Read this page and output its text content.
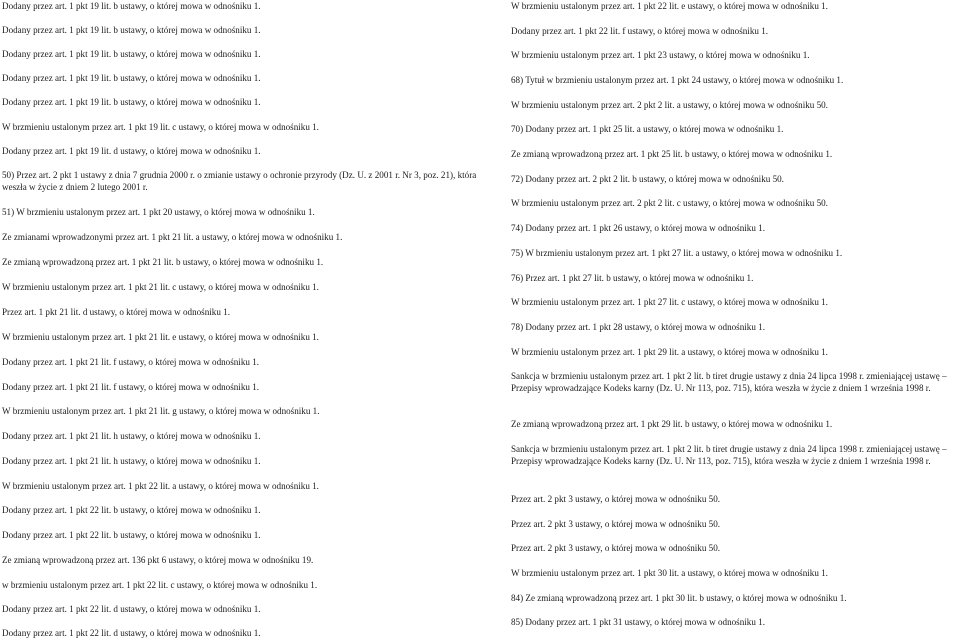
Dodany przez art. 1 pkt 19 lit. b ustawy, o której mowa w odnośniku 1.
Dodany przez art. 1 pkt 19 lit. b ustawy, o której mowa w odnośniku 1.
Dodany przez art. 1 pkt 19 lit. b ustawy, o której mowa w odnośniku 1.
Dodany przez art. 1 pkt 19 lit. b ustawy, o której mowa w odnośniku 1.
Dodany przez art. 1 pkt 19 lit. b ustawy, o której mowa w odnośniku 1.
W brzmieniu ustalonym przez art. 1 pkt 19 lit. c ustawy, o której mowa w odnośniku 1.
Dodany przez art. 1 pkt 19 lit. d ustawy, o której mowa w odnośniku 1.
50) Przez art. 2 pkt 1 ustawy z dnia 7 grudnia 2000 r. o zmianie ustawy o ochronie przyrody (Dz. U. z 2001 r. Nr 3, poz. 21), która weszła w życie z dniem 2 lutego 2001 r.
51) W brzmieniu ustalonym przez art. 1 pkt 20 ustawy, o której mowa w odnośniku 1.
Ze zmianami wprowadzonymi przez art. 1 pkt 21 lit. a ustawy, o której mowa w odnośniku 1.
Ze zmianą wprowadzoną przez art. 1 pkt 21 lit. b ustawy, o której mowa w odnośniku 1.
W brzmieniu ustalonym przez art. 1 pkt 21 lit. c ustawy, o której mowa w odnośniku 1.
Przez art. 1 pkt 21 lit. d ustawy, o której mowa w odnośniku 1.
W brzmieniu ustalonym przez art. 1 pkt 21 lit. e ustawy, o której mowa w odnośniku 1.
Dodany przez art. 1 pkt 21 lit. f ustawy, o której mowa w odnośniku 1.
Dodany przez art. 1 pkt 21 lit. f ustawy, o której mowa w odnośniku 1.
W brzmieniu ustalonym przez art. 1 pkt 21 lit. g ustawy, o której mowa w odnośniku 1.
Dodany przez art. 1 pkt 21 lit. h ustawy, o której mowa w odnośniku 1.
Dodany przez art. 1 pkt 21 lit. h ustawy, o której mowa w odnośniku 1.
W brzmieniu ustalonym przez art. 1 pkt 22 lit. a ustawy, o której mowa w odnośniku 1.
Dodany przez art. 1 pkt 22 lit. b ustawy, o której mowa w odnośniku 1.
Dodany przez art. 1 pkt 22 lit. b ustawy, o której mowa w odnośniku 1.
Ze zmianą wprowadzoną przez art. 136 pkt 6 ustawy, o której mowa w odnośniku 19.
w brzmieniu ustalonym przez art. 1 pkt 22 lit. c ustawy, o której mowa w odnośniku 1.
Dodany przez art. 1 pkt 22 lit. d ustawy, o której mowa w odnośniku 1.
Dodany przez art. 1 pkt 22 lit. d ustawy, o której mowa w odnośniku 1.
W brzmieniu ustalonym przez art. 1 pkt 22 lit. e ustawy, o której mowa w odnośniku 1.
Dodany przez art. 1 pkt 22 lit. f ustawy, o której mowa w odnośniku 1.
W brzmieniu ustalonym przez art. 1 pkt 23 ustawy, o której mowa w odnośniku 1.
68) Tytuł w brzmieniu ustalonym przez art. 1 pkt 24 ustawy, o której mowa w odnośniku 1.
W brzmieniu ustalonym przez art. 2 pkt 2 lit. a ustawy, o której mowa w odnośniku 50.
70) Dodany przez art. 1 pkt 25 lit. a ustawy, o której mowa w odnośniku 1.
Ze zmianą wprowadzoną przez art. 1 pkt 25 lit. b ustawy, o której mowa w odnośniku 1.
72) Dodany przez art. 2 pkt 2 lit. b ustawy, o której mowa w odnośniku 50.
W brzmieniu ustalonym przez art. 2 pkt 2 lit. c ustawy, o której mowa w odnośniku 50.
74) Dodany przez art. 1 pkt 26 ustawy, o której mowa w odnośniku 1.
75) W brzmieniu ustalonym przez art. 1 pkt 27 lit. a ustawy, o której mowa w odnośniku 1.
76) Przez art. 1 pkt 27 lit. b ustawy, o której mowa w odnośniku 1.
W brzmieniu ustalonym przez art. 1 pkt 27 lit. c ustawy, o której mowa w odnośniku 1.
78) Dodany przez art. 1 pkt 28 ustawy, o której mowa w odnośniku 1.
W brzmieniu ustalonym przez art. 1 pkt 29 lit. a ustawy, o której mowa w odnośniku 1.
Sankcja w brzmieniu ustalonym przez art. 1 pkt 2 lit. b tiret drugie ustawy z dnia 24 lipca 1998 r. zmieniającej ustawę – Przepisy wprowadzające Kodeks karny (Dz. U. Nr 113, poz. 715), która weszła w życie z dniem 1 września 1998 r.
Ze zmianą wprowadzoną przez art. 1 pkt 29 lit. b ustawy, o której mowa w odnośniku 1.
Sankcja w brzmieniu ustalonym przez art. 1 pkt 2 lit. b tiret drugie ustawy z dnia 24 lipca 1998 r. zmieniającej ustawę – Przepisy wprowadzające Kodeks karny (Dz. U. Nr 113, poz. 715), która weszła w życie z dniem 1 września 1998 r.
Przez art. 2 pkt 3 ustawy, o której mowa w odnośniku 50.
Przez art. 2 pkt 3 ustawy, o której mowa w odnośniku 50.
Przez art. 2 pkt 3 ustawy, o której mowa w odnośniku 50.
W brzmieniu ustalonym przez art. 1 pkt 30 lit. a ustawy, o której mowa w odnośniku 1.
84) Ze zmianą wprowadzoną przez art. 1 pkt 30 lit. b ustawy, o której mowa w odnośniku 1.
85) Dodany przez art. 1 pkt 31 ustawy, o której mowa w odnośniku 1.
